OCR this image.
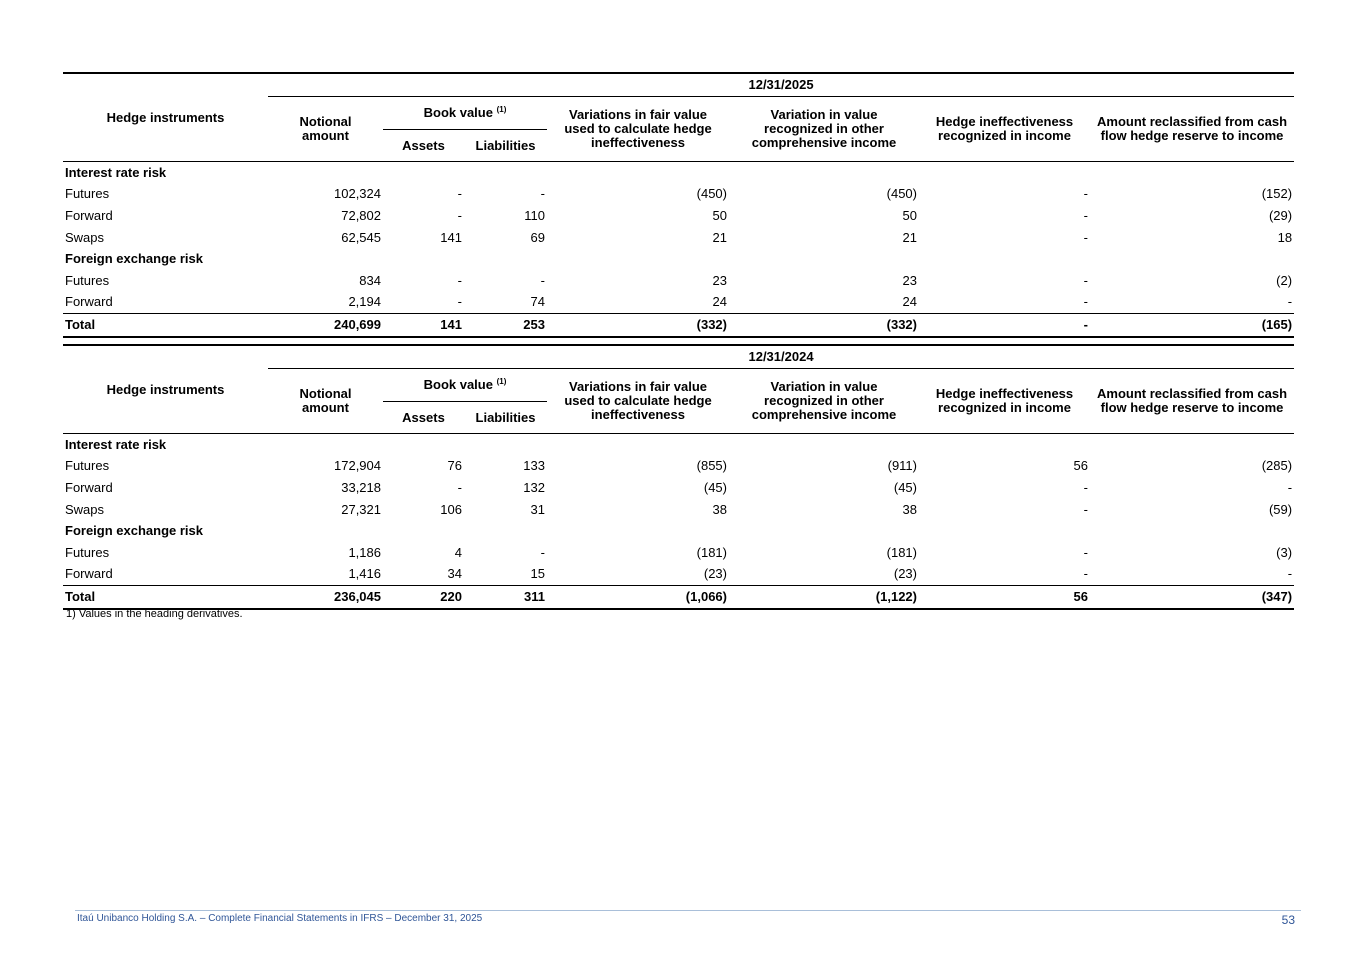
Hedge instruments	12/31/2025						
	Notional
amount	Book value $^{(1)}$		Variations in fair value
used to calculate hedge
ineffectiveness	Variation in value
recognized in other
comprehensive income	Hedge ineffectiveness
recognized in income	Amount reclassified from cash
flow hedge reserve to income
		Assets	Liabilities				
Interest rate risk							
Futures	102,324	-	-	(450)	(450)	-	(152)
Forward	72,802	-	110	50	50	-	(29)
Swaps	62,545	141	69	21	21	-	18
Foreign exchange risk							
Futures	834	-	-	23	23	-	(2)
Forward	2,194	-	74	24	24	-	-
Total	240,699	141	253	(332)	(332)	-	(165)
Hedge instruments	12/31/2024						
	Notional
amount	Book value $^{(1)}$		Variations in fair value
used to calculate hedge
ineffectiveness	Variation in value
recognized in other
comprehensive income	Hedge ineffectiveness
recognized in income	Amount reclassified from cash
flow hedge reserve to income
		Assets	Liabilities				
Interest rate risk							
Futures	172,904	76	133	(855)	(911)	56	(285)
Forward	33,218	-	132	(45)	(45)	-	-
Swaps	27,321	106	31	38	38	-	(59)
Foreign exchange risk							
Futures	1,186	4	-	(181)	(181)	-	(3)
Forward	1,416	34	15	(23)	(23)	-	-
Total	236,045	220	311	(1,066)	(1,122)	56	(347)
1) Values in the heading derivatives.
Itaú Unibanco Holding S.A. – Complete Financial Statements in IFRS – December 31, 2025	53
